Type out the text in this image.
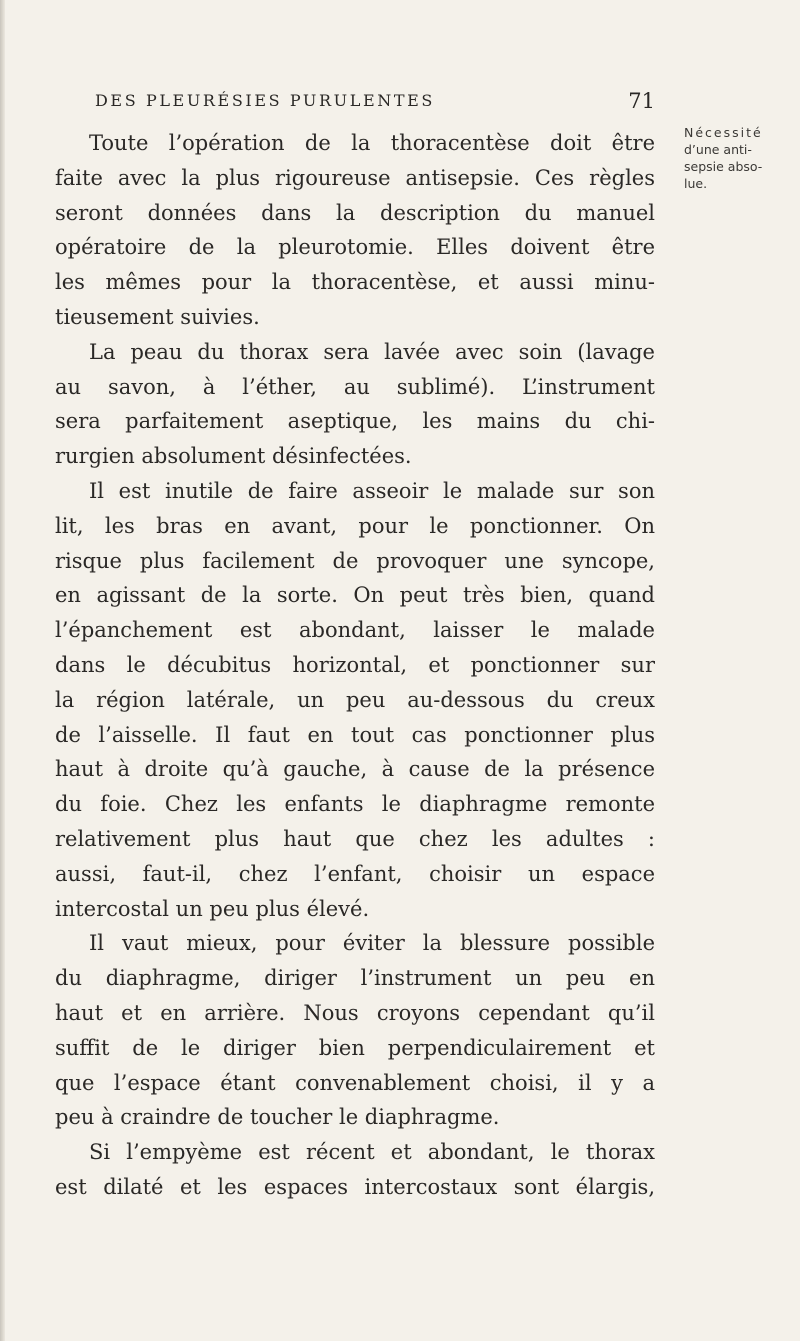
DES PLEURÉSIES PURULENTES	71
Nécessité
d’une anti-
sepsie abso-
lue.
Toute l’opération de la thoracentèse doit être
faite avec la plus rigoureuse antisepsie. Ces règles
seront données dans la description du manuel
opératoire de la pleurotomie. Elles doivent être
les mêmes pour la thoracentèse, et aussi minu-
tieusement suivies.
La peau du thorax sera lavée avec soin (lavage
au savon, à l’éther, au sublimé). L’instrument
sera parfaitement aseptique, les mains du chi-
rurgien absolument désinfectées.
Il est inutile de faire asseoir le malade sur son
lit, les bras en avant, pour le ponctionner. On
risque plus facilement de provoquer une syncope,
en agissant de la sorte. On peut très bien, quand
l’épanchement est abondant, laisser le malade
dans le décubitus horizontal, et ponctionner sur
la région latérale, un peu au-dessous du creux
de l’aisselle. Il faut en tout cas ponctionner plus
haut à droite qu’à gauche, à cause de la présence
du foie. Chez les enfants le diaphragme remonte
relativement plus haut que chez les adultes :
aussi, faut-il, chez l’enfant, choisir un espace
intercostal un peu plus élevé.
Il vaut mieux, pour éviter la blessure possible
du diaphragme, diriger l’instrument un peu en
haut et en arrière. Nous croyons cependant qu’il
suffit de le diriger bien perpendiculairement et
que l’espace étant convenablement choisi, il y a
peu à craindre de toucher le diaphragme.
Si l’empyème est récent et abondant, le thorax
est dilaté et les espaces intercostaux sont élargis,
